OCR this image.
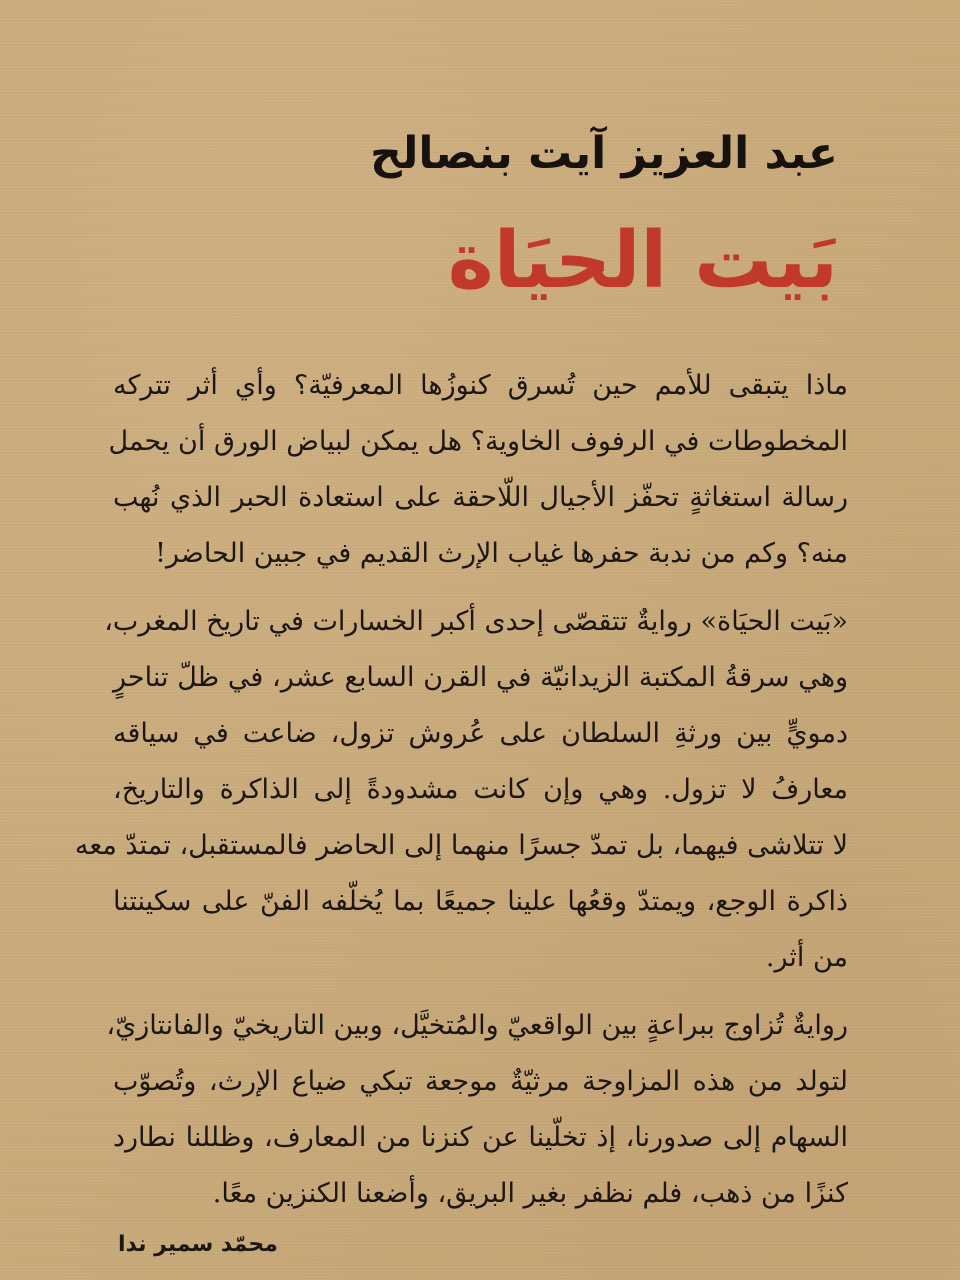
عبد العزيز آيت بنصالح
بَيت الحيَاة
ماذا يتبقى للأمم حين تُسرق كنوزُها المعرفيّة؟ وأي أثر تتركه
المخطوطات في الرفوف الخاوية؟ هل يمكن لبياض الورق أن يحمل
رسالة استغاثةٍ تحفّز الأجيال اللّاحقة على استعادة الحبر الذي نُهب
منه؟ وكم من ندبة حفرها غياب الإرث القديم في جبين الحاضر!
«بَيت الحيَاة» روايةٌ تتقصّى إحدى أكبر الخسارات في تاريخ المغرب،
وهي سرقةُ المكتبة الزيدانيّة في القرن السابع عشر، في ظلّ تناحرٍ
دمويٍّ بين ورثةِ السلطان على عُروش تزول، ضاعت في سياقه
معارفُ لا تزول. وهي وإن كانت مشدودةً إلى الذاكرة والتاريخ،
لا تتلاشى فيهما، بل تمدّ جسرًا منهما إلى الحاضر فالمستقبل، تمتدّ معه
ذاكرة الوجع، ويمتدّ وقعُها علينا جميعًا بما يُخلّفه الفنّ على سكينتنا
من أثر.
روايةٌ تُزاوج ببراعةٍ بين الواقعيّ والمُتخيَّل، وبين التاريخيّ والفانتازيّ،
لتولد من هذه المزاوجة مرثيّةٌ موجعة تبكي ضياع الإرث، وتُصوّب
السهام إلى صدورنا، إذ تخلّينا عن كنزنا من المعارف، وظللنا نطارد
كنزًا من ذهب، فلم نظفر بغير البريق، وأضعنا الكنزين معًا.
محمّد سمير ندا
